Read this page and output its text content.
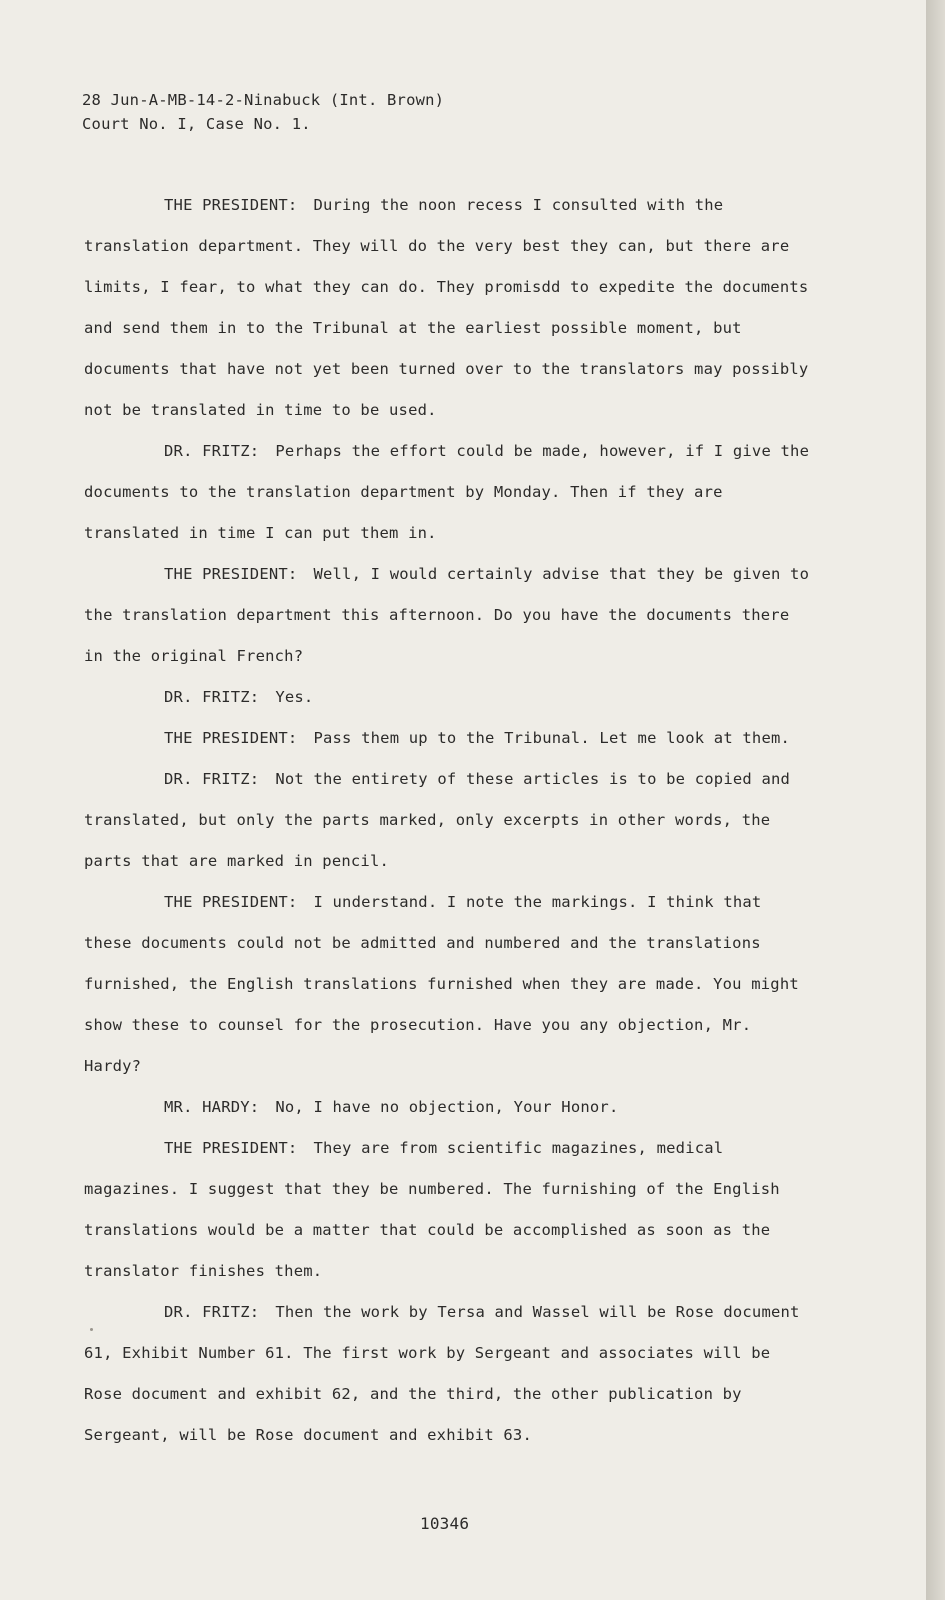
28 Jun-A-MB-14-2-Ninabuck (Int. Brown)
Court No. I, Case No. 1.

THE PRESIDENT: During the noon recess I consulted with the translation department. They will do the very best they can, but there are limits, I fear, to what they can do. They promisdd to expedite the documents and send them in to the Tribunal at the earliest possible moment, but documents that have not yet been turned over to the translators may possibly not be translated in time to be used.

DR. FRITZ: Perhaps the effort could be made, however, if I give the documents to the translation department by Monday. Then if they are translated in time I can put them in.

THE PRESIDENT: Well, I would certainly advise that they be given to the translation department this afternoon. Do you have the documents there in the original French?

DR. FRITZ: Yes.

THE PRESIDENT: Pass them up to the Tribunal. Let me look at them.

DR. FRITZ: Not the entirety of these articles is to be copied and translated, but only the parts marked, only excerpts in other words, the parts that are marked in pencil.

THE PRESIDENT: I understand. I note the markings. I think that these documents could not be admitted and numbered and the translations furnished, the English translations furnished when they are made. You might show these to counsel for the prosecution. Have you any objection, Mr. Hardy?

MR. HARDY: No, I have no objection, Your Honor.

THE PRESIDENT: They are from scientific magazines, medical magazines. I suggest that they be numbered. The furnishing of the English translations would be a matter that could be accomplished as soon as the translator finishes them.

DR. FRITZ: Then the work by Tersa and Wassel will be Rose document 61, Exhibit Number 61. The first work by Sergeant and associates will be Rose document and exhibit 62, and the third, the other publication by Sergeant, will be Rose document and exhibit 63.

10346
